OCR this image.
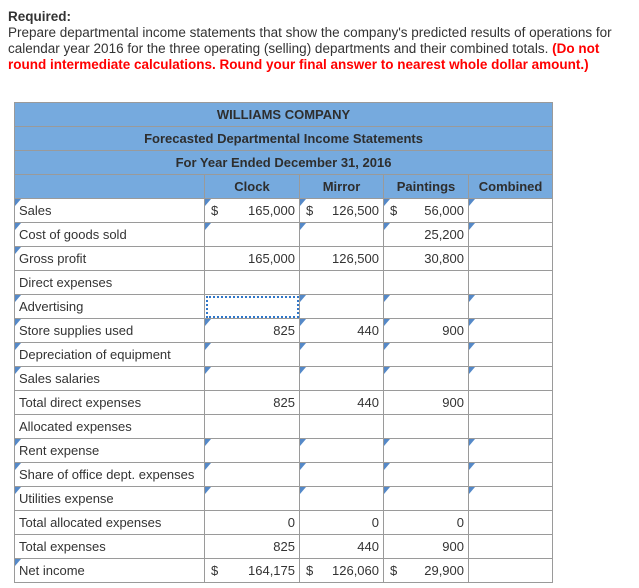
Required:
Prepare departmental income statements that show the company's predicted results of operations for calendar year 2016 for the three operating (selling) departments and their combined totals. (Do not round intermediate calculations. Round your final answer to nearest whole dollar amount.)
WILLIAMS COMPANY				
Forecasted Departmental Income Statements				
For Year Ended December 31, 2016				
	Clock	Mirror	Paintings	Combined

Sales	$ 165,000	$ 126,500	$ 56,000	

Cost of goods sold			25,200	

Gross profit	165,000	126,500	30,800	

Direct expenses	

Advertising	

Store supplies used	825	440	900	

Depreciation of equipment	

Sales salaries	

Total direct expenses	825	440	900	

Allocated expenses	

Rent expense	

Share of office dept. expenses	

Utilities expense	

Total allocated expenses	0	0	0	

Total expenses	825	440	900	

Net income	$ 164,175	$ 126,060	$ 29,900	
